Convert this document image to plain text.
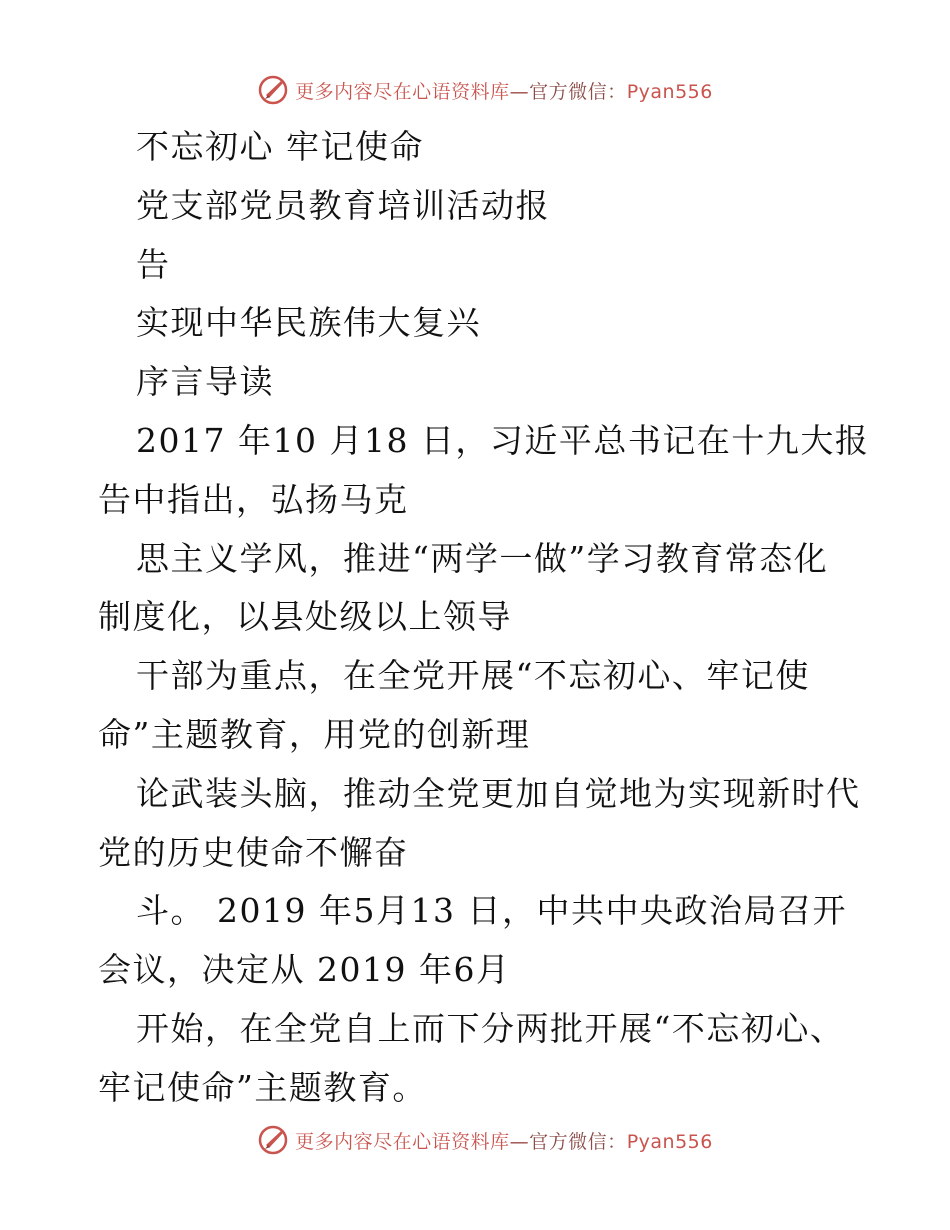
更多内容尽在心语资料库—官方微信：Pyan556
不忘初心 牢记使命
党支部党员教育培训活动报
告
实现中华民族伟大复兴
序言导读
2017 年10 月18 日，习近平总书记在十九大报
告中指出，弘扬马克
思主义学风，推进“两学一做”学习教育常态化
制度化，以县处级以上领导
干部为重点，在全党开展“不忘初心、牢记使
命”主题教育，用党的创新理
论武装头脑，推动全党更加自觉地为实现新时代
党的历史使命不懈奋
斗。 2019 年5月13 日，中共中央政治局召开
会议，决定从 2019 年6月
开始，在全党自上而下分两批开展“不忘初心、
牢记使命”主题教育。
更多内容尽在心语资料库—官方微信：Pyan556
